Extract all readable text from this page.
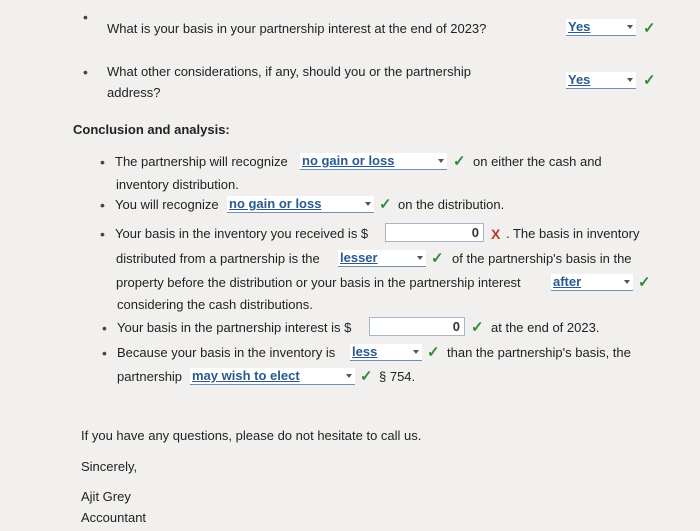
•
What is your basis in your partnership interest at the end of 2023?	Yes	✓
• What other considerations, if any, should you or the partnership
address?
Yes	✓
Conclusion and analysis:
• The partnership will recognize no gain or loss	✓ on either the cash and
inventory distribution.
• You will recognize no gain or loss	✓ on the distribution.
• Your basis in the inventory you received is $	0 X . The basis in inventory
distributed from a partnership is the lesser	✓ of the partnership's basis in the
property before the distribution or your basis in the partnership interest after	✓
considering the cash distributions.
• Your basis in the partnership interest is $	0 ✓ at the end of 2023.
• Because your basis in the inventory is less	✓ than the partnership's basis, the
partnership may wish to elect	✓ § 754.
If you have any questions, please do not hesitate to call us.
Sincerely,
Ajit Grey
Accountant
